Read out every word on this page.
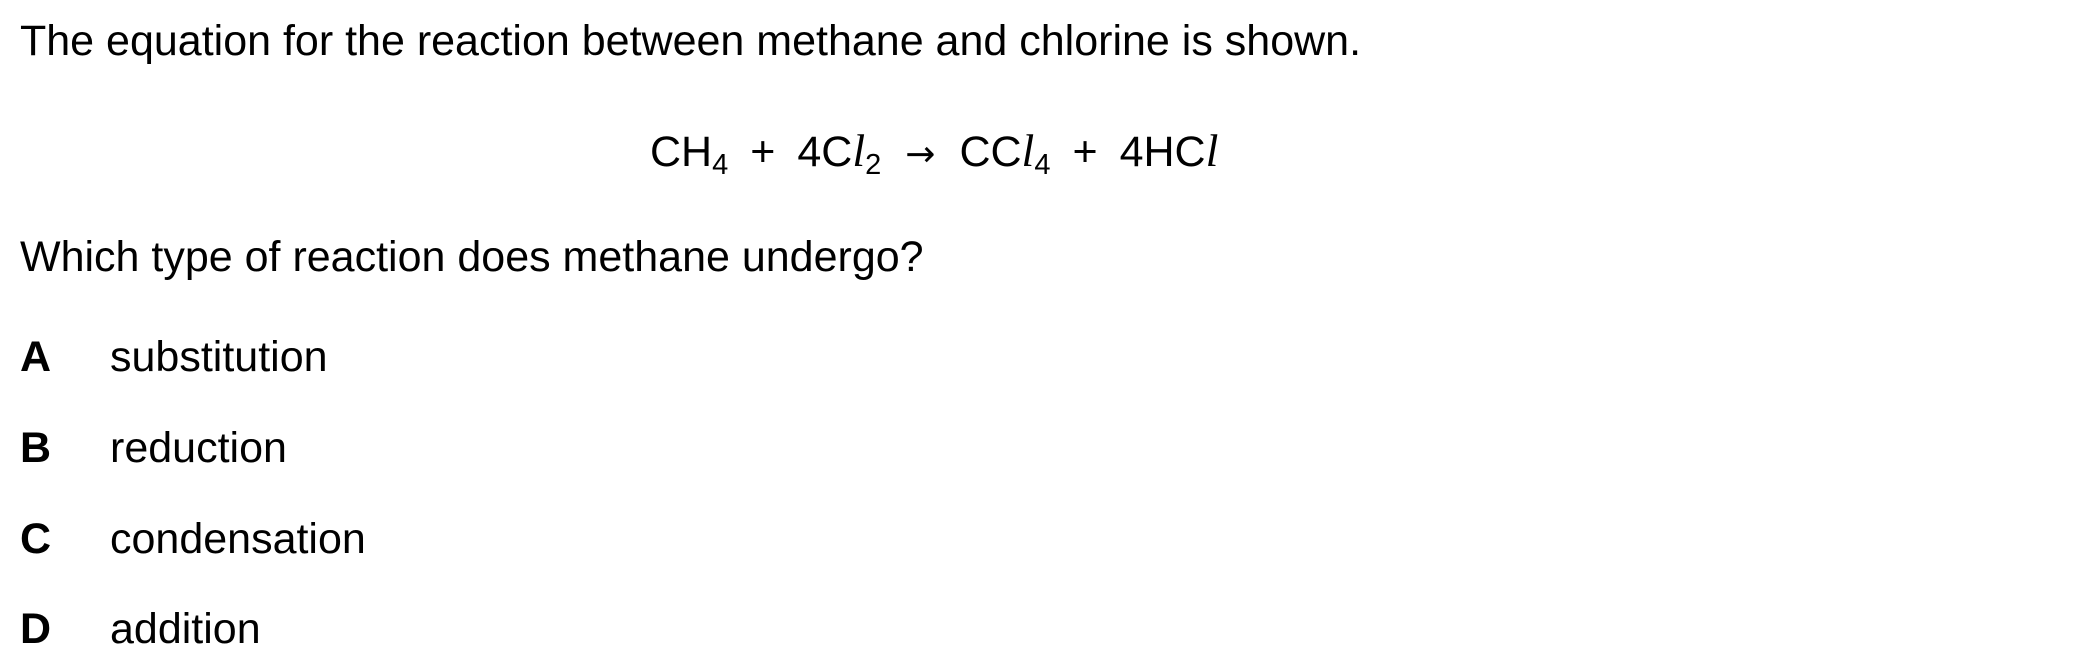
The equation for the reaction between methane and chlorine is shown.
$CH_4 + 4Cl_2 \to CCl_4 + 4HCl$
Which type of reaction does methane undergo?
A substitution
B reduction
C condensation
D addition
